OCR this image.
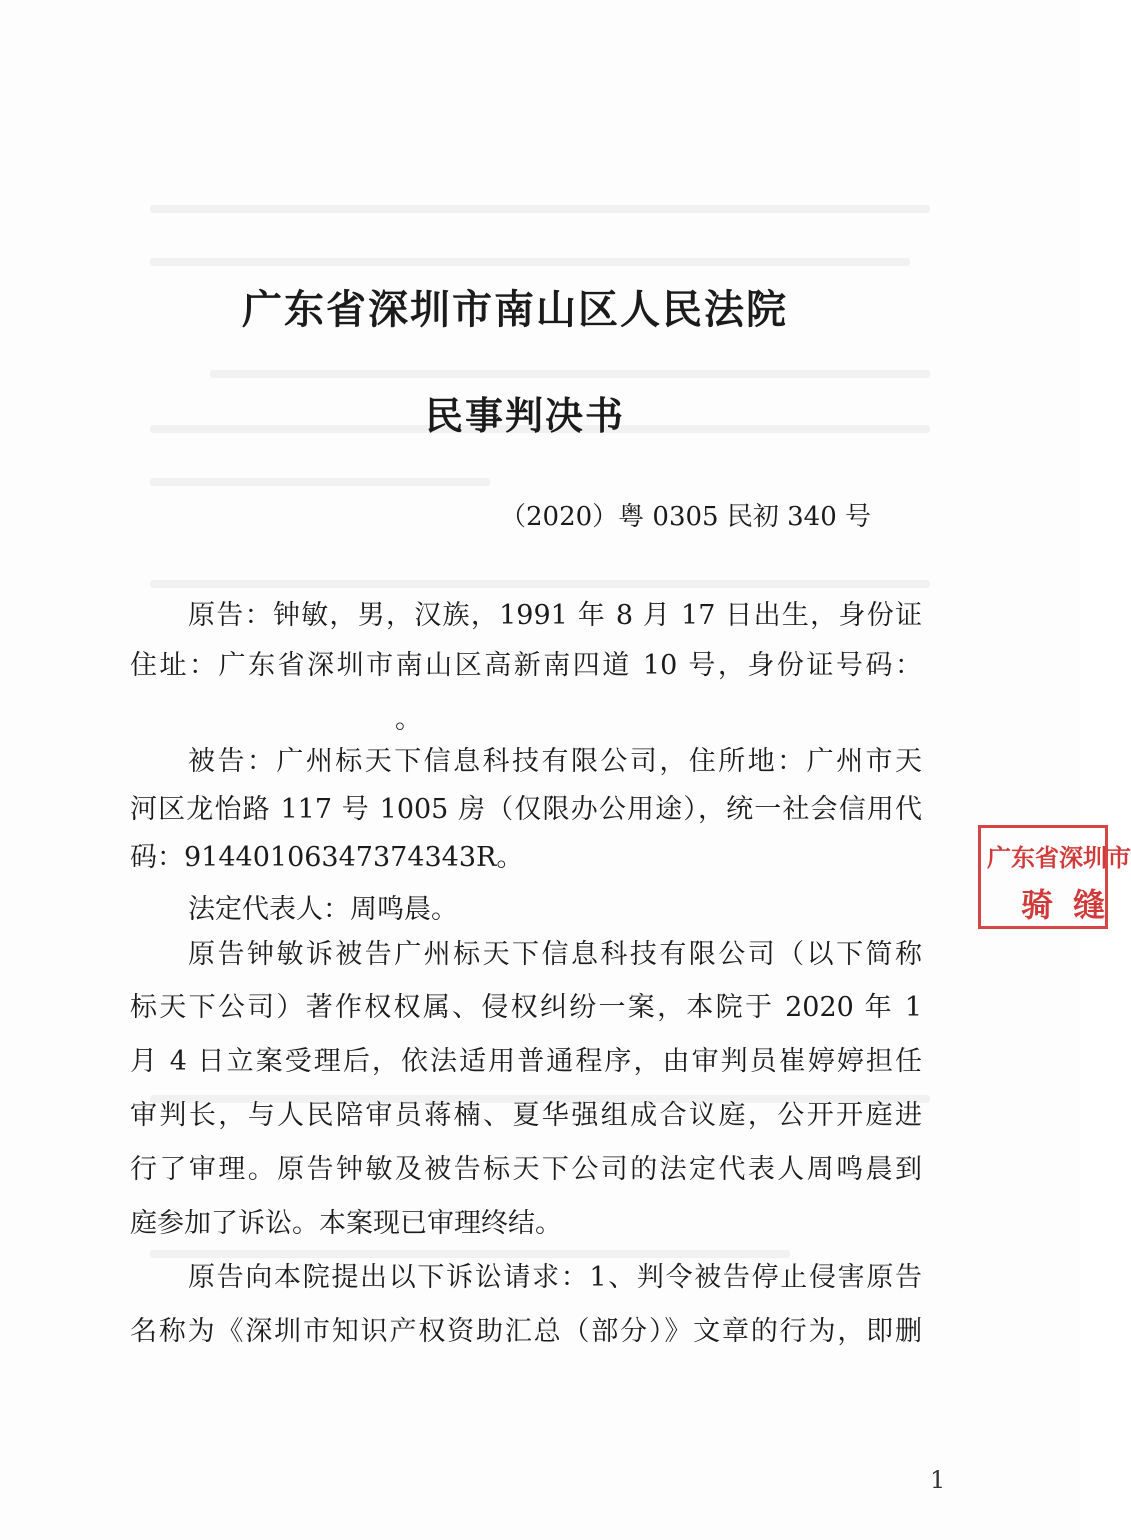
广东省深圳市南山区人民法院
民事判决书
（2020）粤 0305 民初 340 号
原告：钟敏，男，汉族，1991 年 8 月 17 日出生，身份证
住址：广东省深圳市南山区高新南四道 10 号，身份证号码：
。
被告：广州标天下信息科技有限公司，住所地：广州市天
河区龙怡路 117 号 1005 房（仅限办公用途），统一社会信用代
码：91440106347374343R。
法定代表人：周鸣晨。
原告钟敏诉被告广州标天下信息科技有限公司（以下简称
标天下公司）著作权权属、侵权纠纷一案，本院于 2020 年 1
月 4 日立案受理后，依法适用普通程序，由审判员崔婷婷担任
审判长，与人民陪审员蒋楠、夏华强组成合议庭，公开开庭进
行了审理。原告钟敏及被告标天下公司的法定代表人周鸣晨到
庭参加了诉讼。本案现已审理终结。
原告向本院提出以下诉讼请求：1、判令被告停止侵害原告
名称为《深圳市知识产权资助汇总（部分）》文章的行为，即删
广东省深圳市
骑缝
1
